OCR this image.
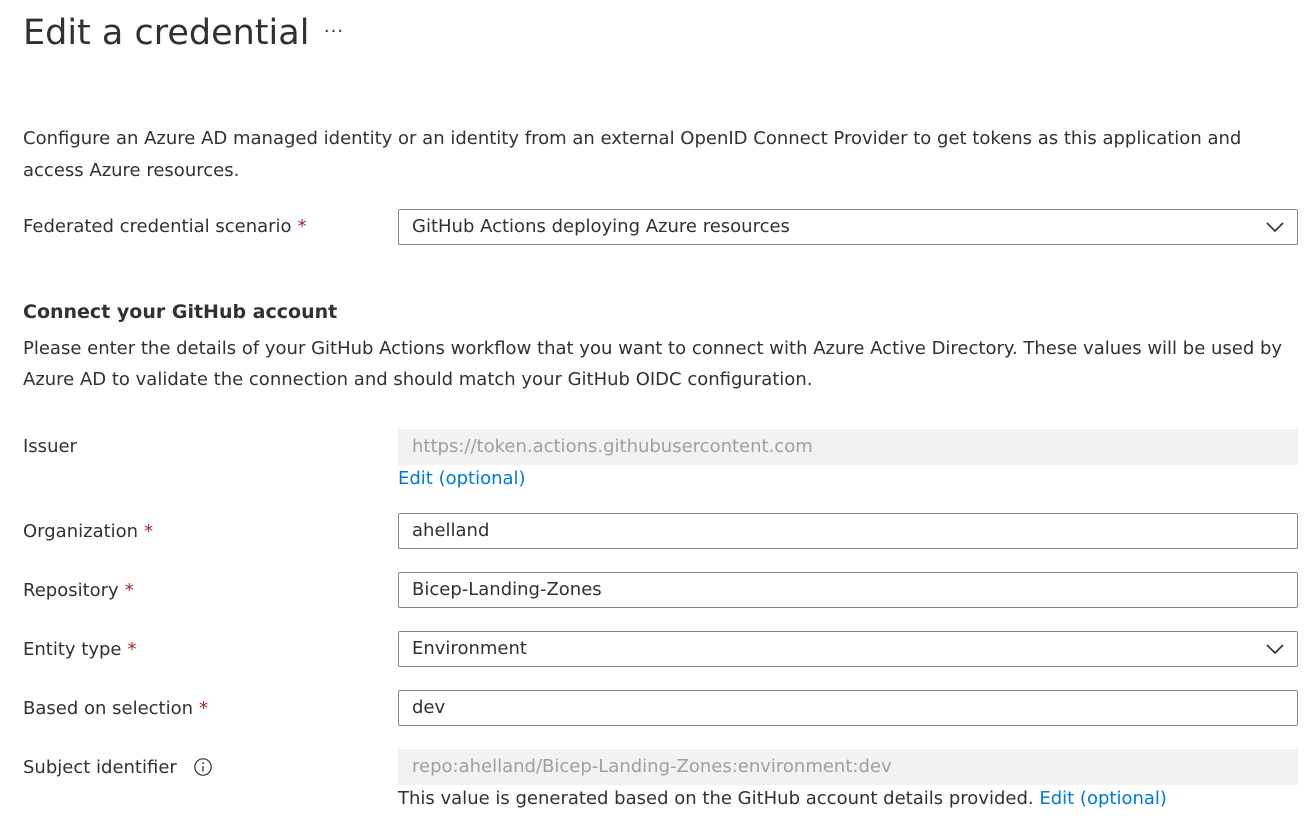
Edit a credential ···
Configure an Azure AD managed identity or an identity from an external OpenID Connect Provider to get tokens as this application and access Azure resources.
Federated credential scenario *	GitHub Actions deploying Azure resources
Connect your GitHub account
Please enter the details of your GitHub Actions workflow that you want to connect with Azure Active Directory. These values will be used by Azure AD to validate the connection and should match your GitHub OIDC configuration.
Issuer	https://token.actions.githubusercontent.com
Edit (optional)
Organization *	ahelland
Repository *	Bicep-Landing-Zones
Entity type *	Environment
Based on selection *	dev
Subject identifier	repo:ahelland/Bicep-Landing-Zones:environment:dev
This value is generated based on the GitHub account details provided. Edit (optional)
